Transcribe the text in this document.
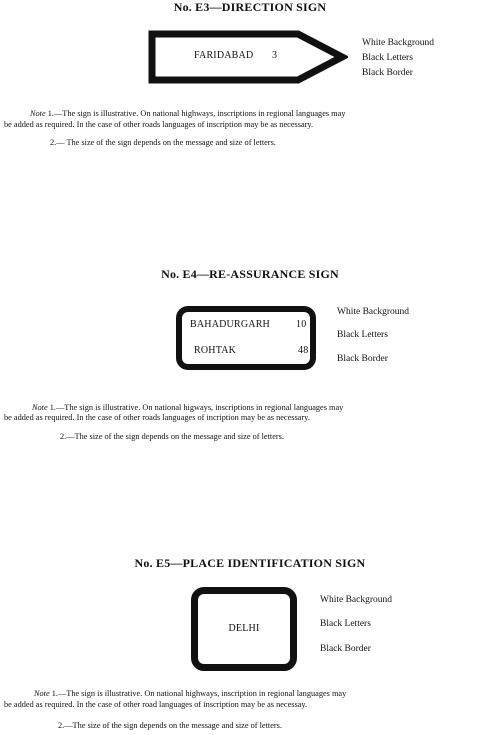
No. E3—DIRECTION SIGN
FARIDABAD 3
White Background
Black Letters
Black Border
Note 1.—The sign is illustrative. On national highways, inscriptions in regional languages may
be added as required. In the case of other roads languages of inscription may be as necessary.
2.— The size of the sign depends on the message and size of letters.
No. E4—RE-ASSURANCE SIGN
BAHADURGARH	10
ROHTAK	48
White Background
Black Letters
Black Border
Note 1.—The sign is illustrative. On national higways, inscriptions in regional languages may
be added as required. In the case of other roads languages of incription may be as necessary.
2.—The size of the sign depends on the message and size of letters.
No. E5—PLACE IDENTIFICATION SIGN
DELHI
White Background
Black Letters
Black Border
Note 1.—The sign is illustrative. On national highways, inscription in regional languages may
be added as required. In the case of other road languages of inscription may be as necessay.
2.—The size of the sign depends on the message and size of letters.
